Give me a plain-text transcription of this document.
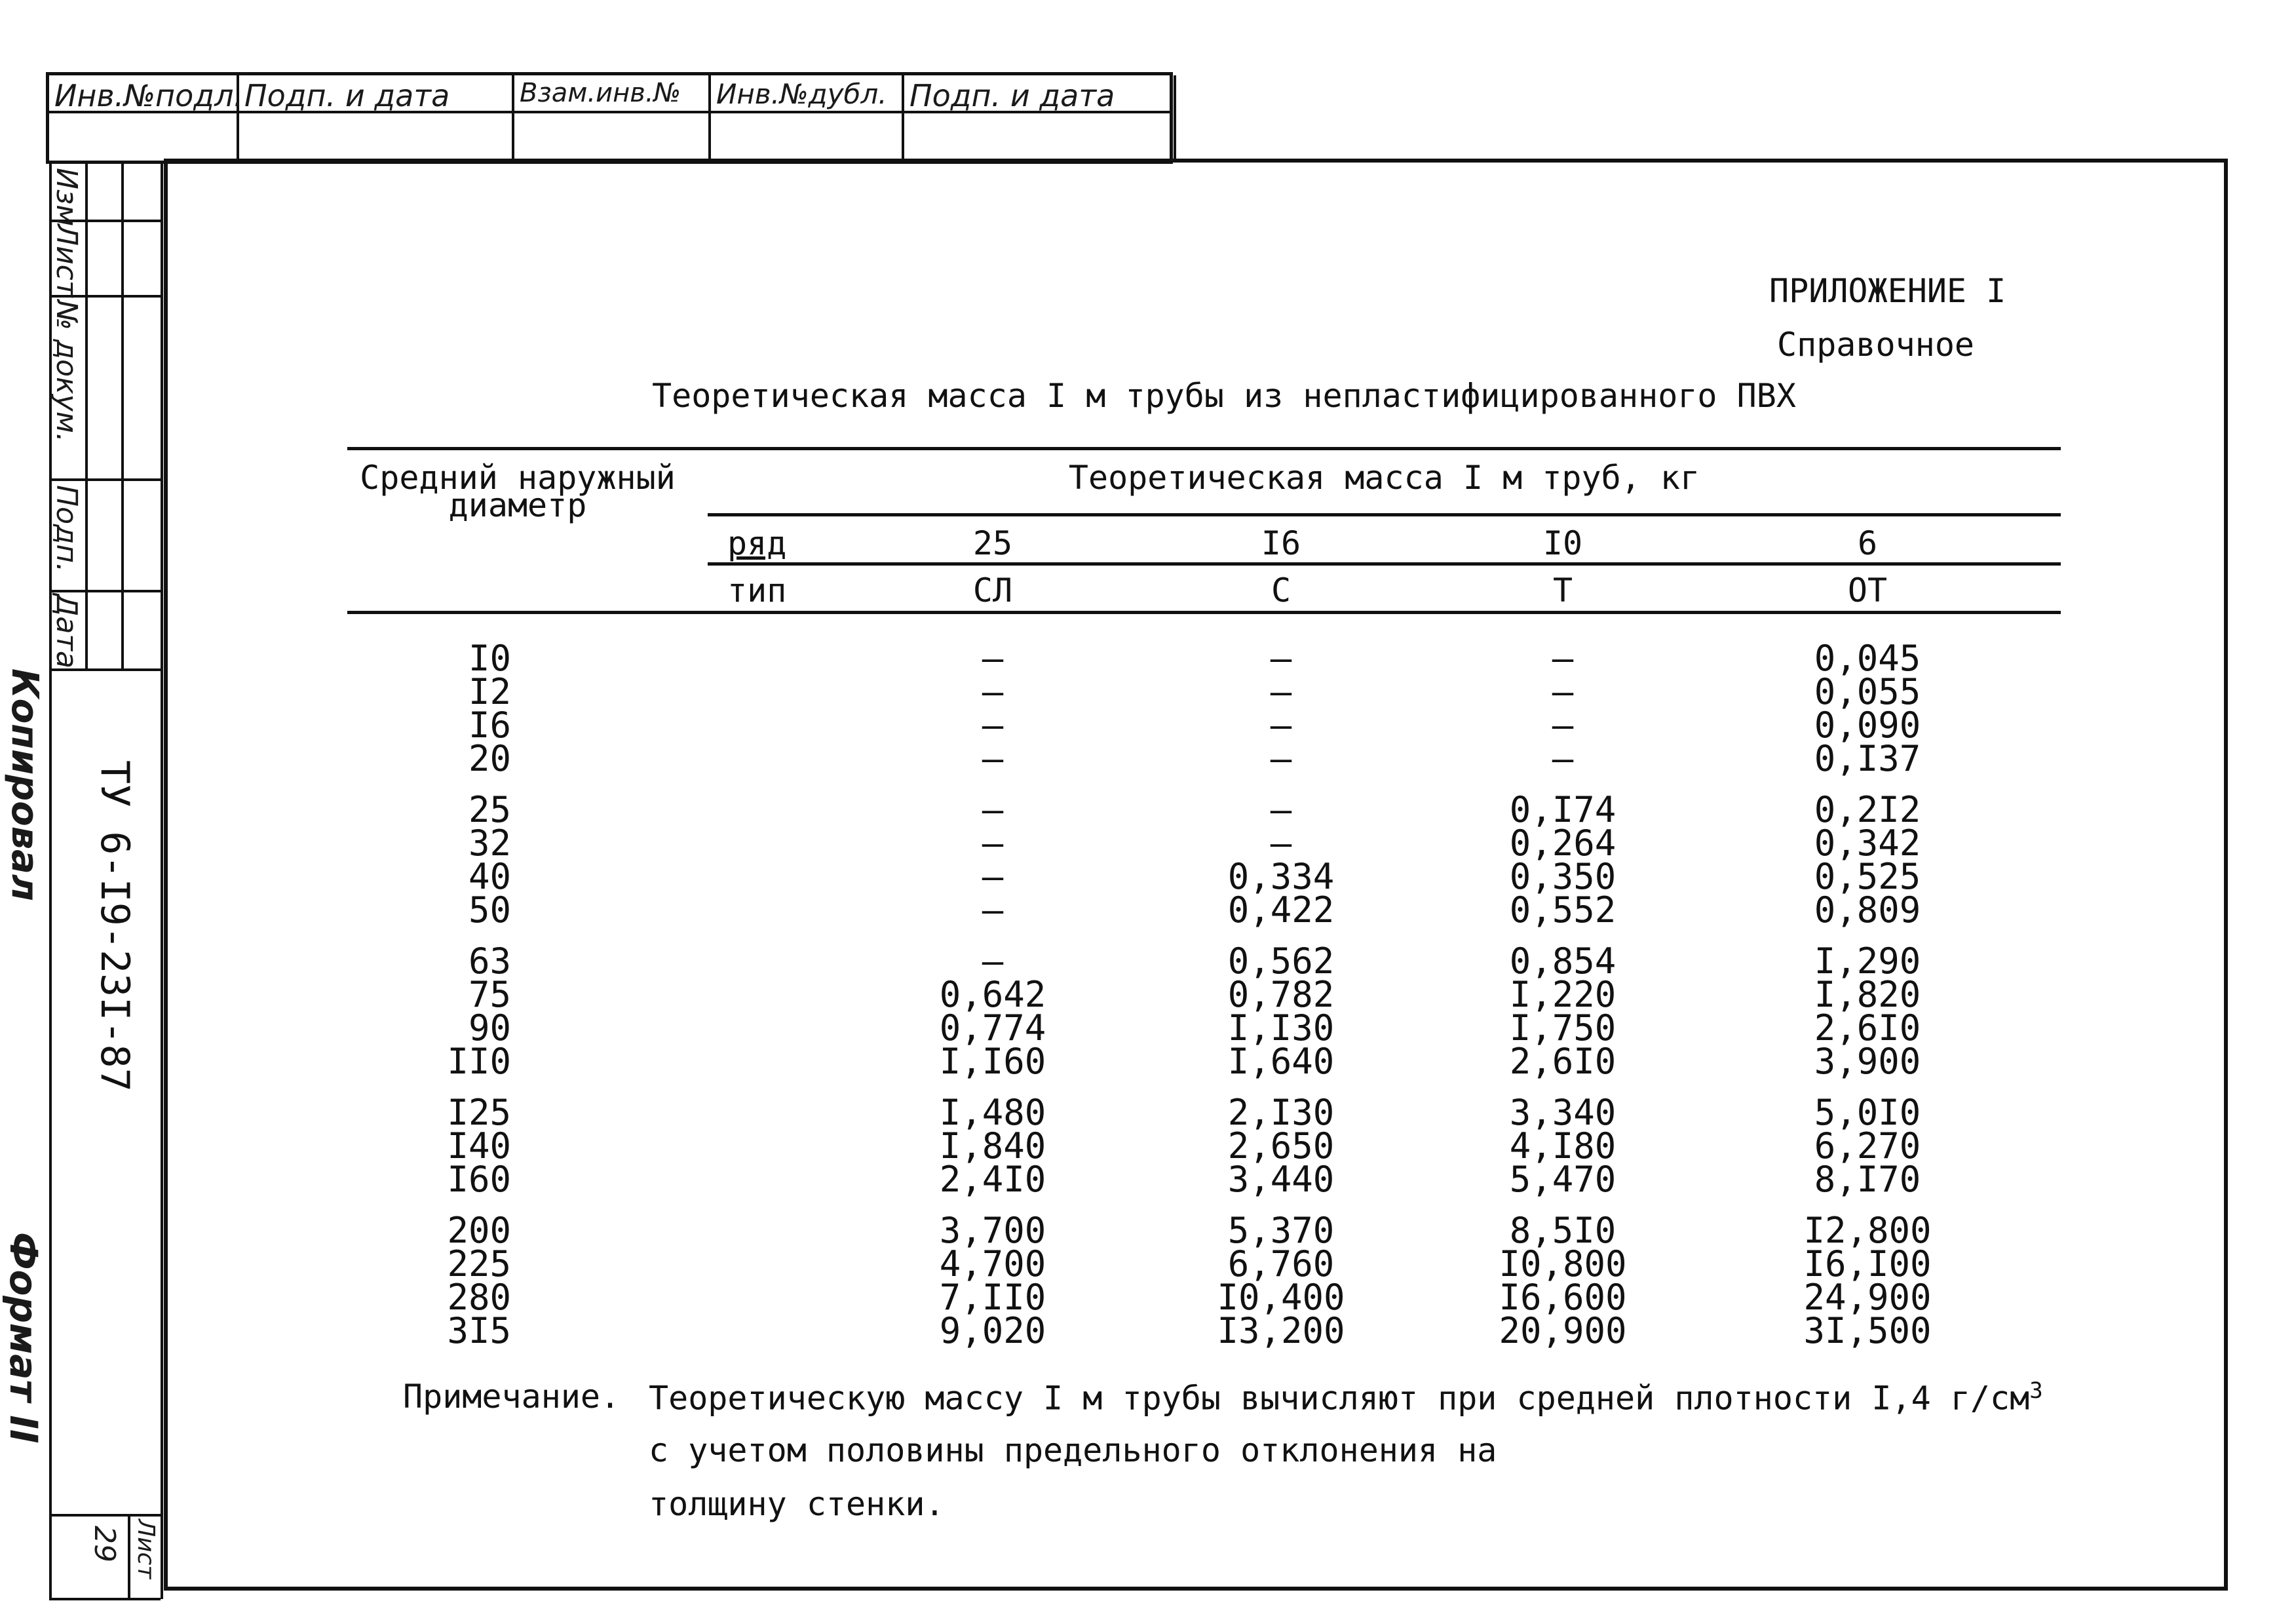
Инв.№подл. Подп. и дата	Взам.инв.№ Инв.№дубл. Подп. и дата
Изм
Лист
№ докум.
Подп.
Дата
ТУ 6-I9-23I-87
Лист
29
Копировал
Формат II
ПРИЛОЖЕНИЕ I
Справочное
Теоретическая масса I м трубы из непластифицированного ПВХ
Средний наружный
диаметр
Теоретическая масса I м труб, кг
ряд
тип
25	I6	I0	6
СЛ	С	Т	ОТ
I0	–	–	–	0,045
I2	–	–	–	0,055
I6	–	–	–	0,090
20	–	–	–	0,I37
25	–	–	0,I74	0,2I2
32	–	–	0,264	0,342
40	–	0,334	0,350	0,525
50	–	0,422	0,552	0,809
63	–	0,562	0,854	I,290
75	0,642	0,782	I,220	I,820
90	0,774	I,I30	I,750	2,6I0
II0	I,I60	I,640	2,6I0	3,900
I25	I,480	2,I30	3,340	5,0I0
I40	I,840	2,650	4,I80	6,270
I60	2,4I0	3,440	5,470	8,I70
200	3,700	5,370	8,5I0	I2,800
225	4,700	6,760	I0,800	I6,I00
280	7,II0	I0,400	I6,600	24,900
3I5	9,020	I3,200	20,900	3I,500
Примечание. Теоретическую массу I м трубы вычисляют при средней плотности I,4 $г/см^3$
с учетом половины предельного отклонения на
толщину стенки.
